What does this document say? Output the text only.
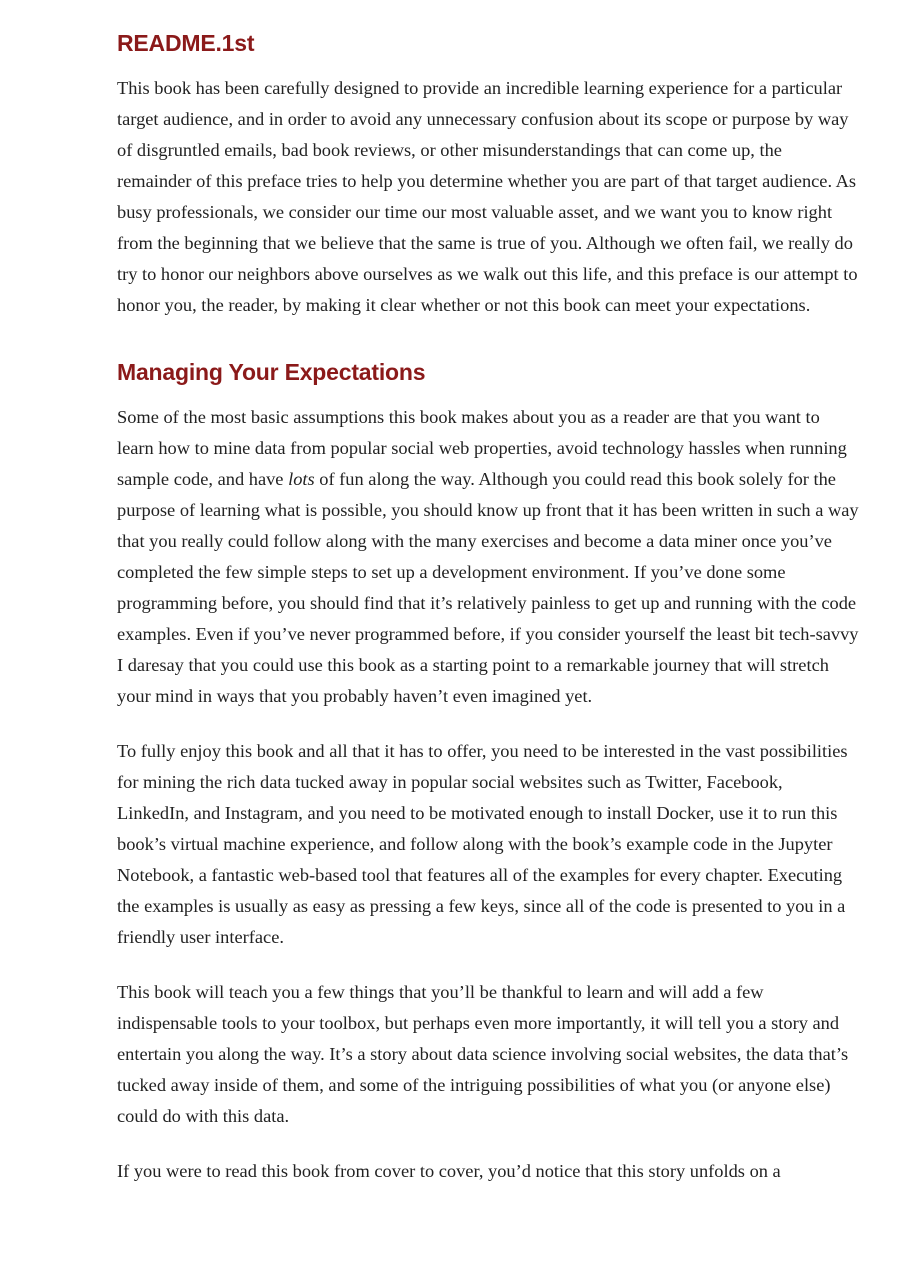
README.1st

This book has been carefully designed to provide an incredible learning experience for a particular target audience, and in order to avoid any unnecessary confusion about its scope or purpose by way of disgruntled emails, bad book reviews, or other misunderstandings that can come up, the remainder of this preface tries to help you determine whether you are part of that target audience. As busy professionals, we consider our time our most valuable asset, and we want you to know right from the beginning that we believe that the same is true of you. Although we often fail, we really do try to honor our neighbors above ourselves as we walk out this life, and this preface is our attempt to honor you, the reader, by making it clear whether or not this book can meet your expectations.

Managing Your Expectations

Some of the most basic assumptions this book makes about you as a reader are that you want to learn how to mine data from popular social web properties, avoid technology hassles when running sample code, and have lots of fun along the way. Although you could read this book solely for the purpose of learning what is possible, you should know up front that it has been written in such a way that you really could follow along with the many exercises and become a data miner once you’ve completed the few simple steps to set up a development environment. If you’ve done some programming before, you should find that it’s relatively painless to get up and running with the code examples. Even if you’ve never programmed before, if you consider yourself the least bit tech-savvy I daresay that you could use this book as a starting point to a remarkable journey that will stretch your mind in ways that you probably haven’t even imagined yet.

To fully enjoy this book and all that it has to offer, you need to be interested in the vast possibilities for mining the rich data tucked away in popular social websites such as Twitter, Facebook, LinkedIn, and Instagram, and you need to be motivated enough to install Docker, use it to run this book’s virtual machine experience, and follow along with the book’s example code in the Jupyter Notebook, a fantastic web-based tool that features all of the examples for every chapter. Executing the examples is usually as easy as pressing a few keys, since all of the code is presented to you in a friendly user interface.

This book will teach you a few things that you’ll be thankful to learn and will add a few indispensable tools to your toolbox, but perhaps even more importantly, it will tell you a story and entertain you along the way. It’s a story about data science involving social websites, the data that’s tucked away inside of them, and some of the intriguing possibilities of what you (or anyone else) could do with this data.

If you were to read this book from cover to cover, you’d notice that this story unfolds on a
